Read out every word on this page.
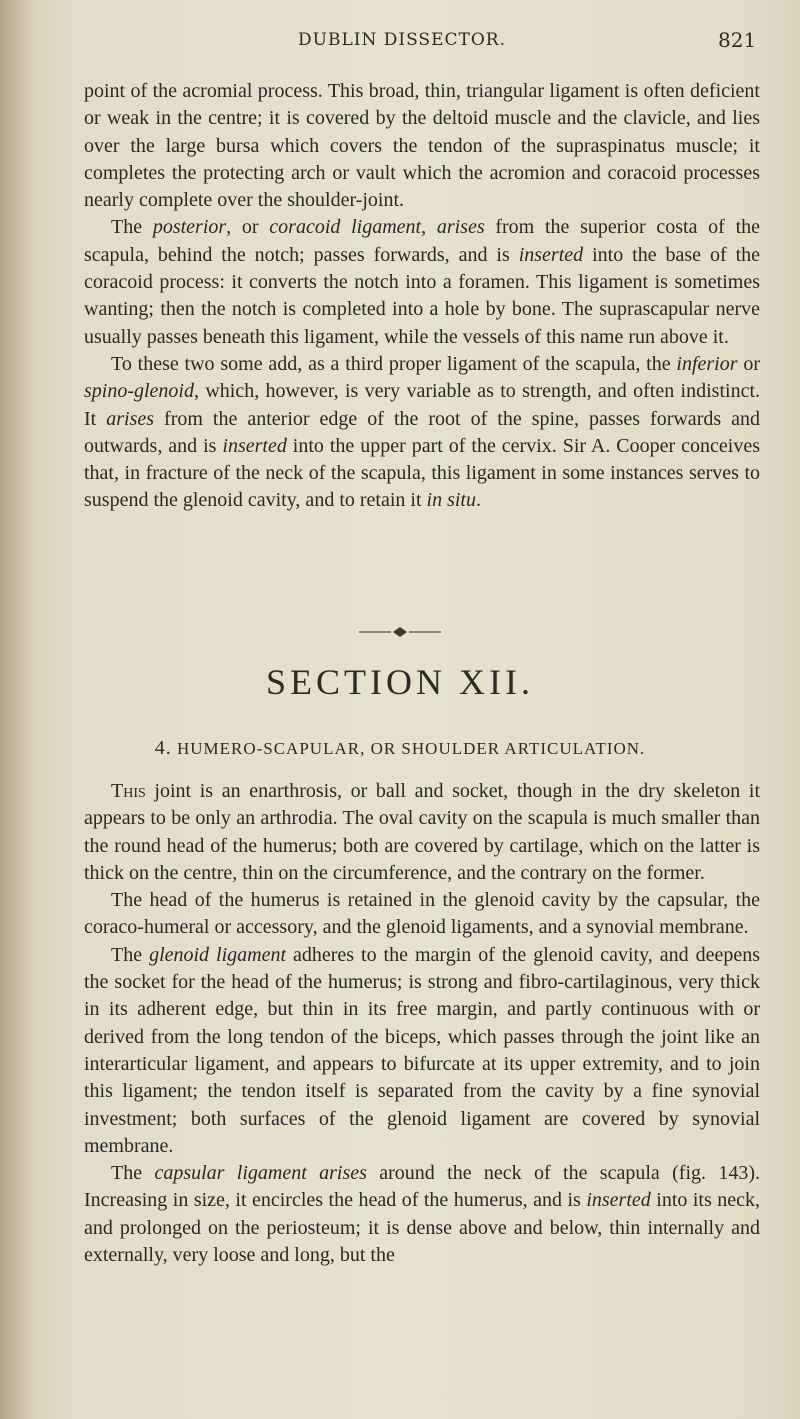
DUBLIN DISSECTOR.	821

point of the acromial process. This broad, thin, triangular ligament is often deficient or weak in the centre; it is covered by the deltoid muscle and the clavicle, and lies over the large bursa which covers the tendon of the supraspinatus muscle; it completes the protecting arch or vault which the acromion and coracoid processes nearly complete over the shoulder-joint.

The posterior, or coracoid ligament, arises from the superior costa of the scapula, behind the notch; passes forwards, and is inserted into the base of the coracoid process: it converts the notch into a foramen. This ligament is sometimes wanting; then the notch is completed into a hole by bone. The suprascapular nerve usually passes beneath this ligament, while the vessels of this name run above it.

To these two some add, as a third proper ligament of the scapula, the inferior or spino-glenoid, which, however, is very variable as to strength, and often indistinct. It arises from the anterior edge of the root of the spine, passes forwards and outwards, and is inserted into the upper part of the cervix. Sir A. Cooper conceives that, in fracture of the neck of the scapula, this ligament in some instances serves to suspend the glenoid cavity, and to retain it in situ.

SECTION XII.
4. HUMERO-SCAPULAR, OR SHOULDER ARTICULATION.

This joint is an enarthrosis, or ball and socket, though in the dry skeleton it appears to be only an arthrodia. The oval cavity on the scapula is much smaller than the round head of the humerus; both are covered by cartilage, which on the latter is thick on the centre, thin on the circumference, and the contrary on the former.

The head of the humerus is retained in the glenoid cavity by the capsular, the coraco-humeral or accessory, and the glenoid ligaments, and a synovial membrane.

The glenoid ligament adheres to the margin of the glenoid cavity, and deepens the socket for the head of the humerus; is strong and fibro-cartilaginous, very thick in its adherent edge, but thin in its free margin, and partly continuous with or derived from the long tendon of the biceps, which passes through the joint like an interarticular ligament, and appears to bifurcate at its upper extremity, and to join this ligament; the tendon itself is separated from the cavity by a fine synovial investment; both surfaces of the glenoid ligament are covered by synovial membrane.

The capsular ligament arises around the neck of the scapula (fig. 143). Increasing in size, it encircles the head of the humerus, and is inserted into its neck, and prolonged on the periosteum; it is dense above and below, thin internally and externally, very loose and long, but the
